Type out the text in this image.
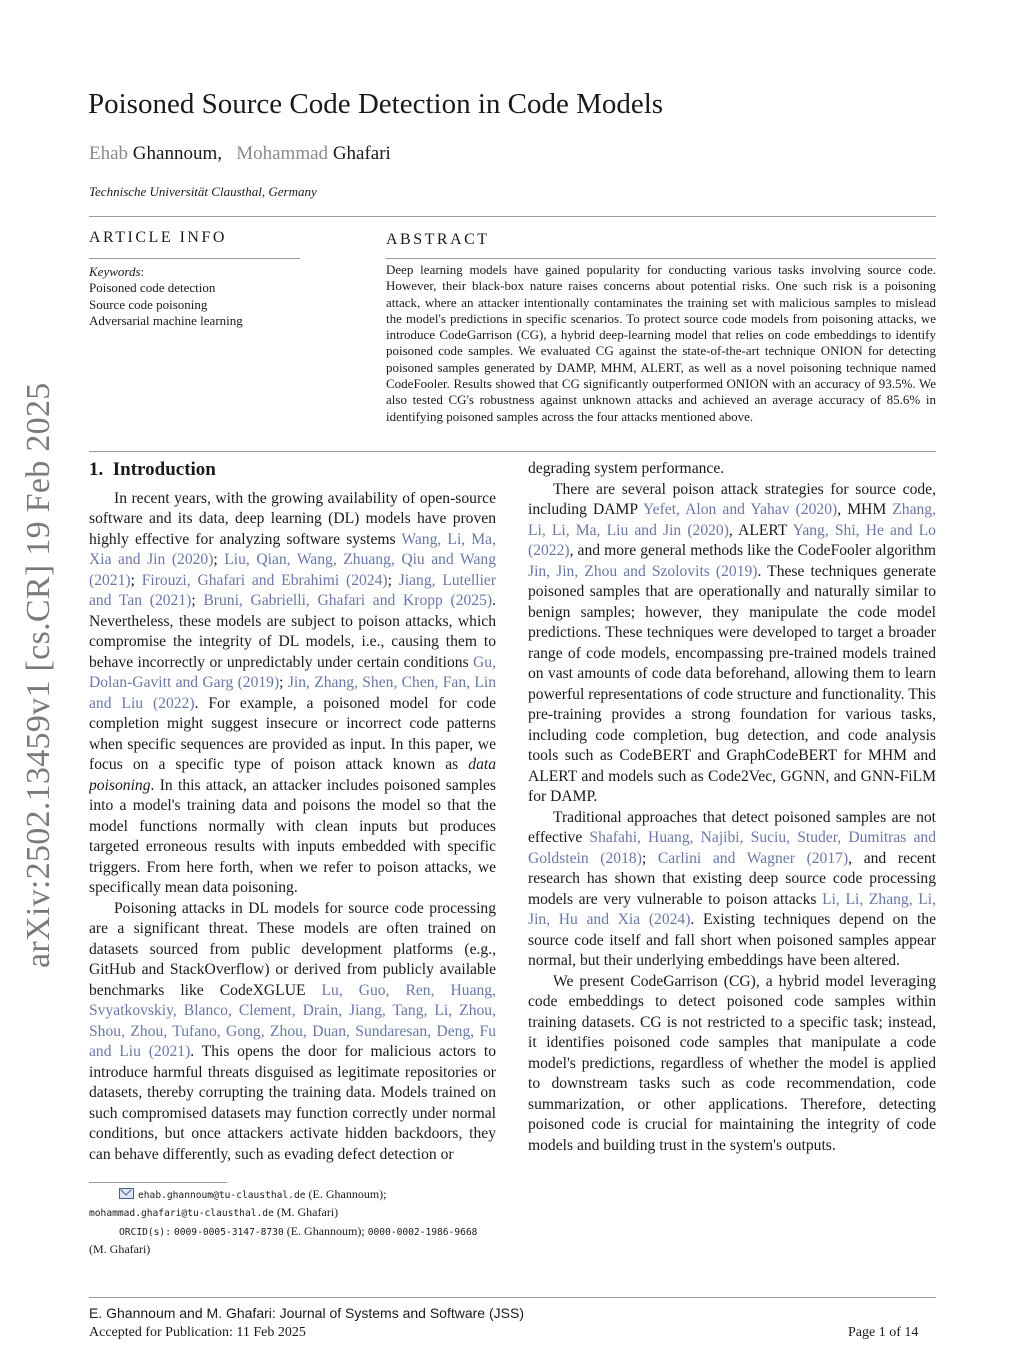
arXiv:2502.13459v1 [cs.CR] 19 Feb 2025
Poisoned Source Code Detection in Code Models
Ehab Ghannoum,   Mohammad Ghafari
Technische Universität Clausthal, Germany
ARTICLE INFO
Keywords:
Poisoned code detection
Source code poisoning
Adversarial machine learning
ABSTRACT
Deep learning models have gained popularity for conducting various tasks involving source code. However, their black-box nature raises concerns about potential risks. One such risk is a poisoning attack, where an attacker intentionally contaminates the training set with malicious samples to mislead the model's predictions in specific scenarios. To protect source code models from poisoning attacks, we introduce CodeGarrison (CG), a hybrid deep-learning model that relies on code embeddings to identify poisoned code samples. We evaluated CG against the state-of-the-art technique ONION for detecting poisoned samples generated by DAMP, MHM, ALERT, as well as a novel poisoning technique named CodeFooler. Results showed that CG significantly outperformed ONION with an accuracy of 93.5%. We also tested CG's robustness against unknown attacks and achieved an average accuracy of 85.6% in identifying poisoned samples across the four attacks mentioned above.
1. Introduction

In recent years, with the growing availability of open-source software and its data, deep learning (DL) models have proven highly effective for analyzing software systems Wang, Li, Ma, Xia and Jin (2020); Liu, Qian, Wang, Zhuang, Qiu and Wang (2021); Firouzi, Ghafari and Ebrahimi (2024); Jiang, Lutellier and Tan (2021); Bruni, Gabrielli, Ghafari and Kropp (2025). Nevertheless, these models are subject to poison attacks, which compromise the integrity of DL models, i.e., causing them to behave incorrectly or unpredictably under certain conditions Gu, Dolan-Gavitt and Garg (2019); Jin, Zhang, Shen, Chen, Fan, Lin and Liu (2022). For example, a poisoned model for code completion might suggest insecure or incorrect code patterns when specific sequences are provided as input. In this paper, we focus on a specific type of poison attack known as data poisoning. In this attack, an attacker includes poisoned samples into a model's training data and poisons the model so that the model functions normally with clean inputs but produces targeted erroneous results with inputs embedded with specific triggers. From here forth, when we refer to poison attacks, we specifically mean data poisoning.

Poisoning attacks in DL models for source code processing are a significant threat. These models are often trained on datasets sourced from public development platforms (e.g., GitHub and StackOverflow) or derived from publicly available benchmarks like CodeXGLUE Lu, Guo, Ren, Huang, Svyatkovskiy, Blanco, Clement, Drain, Jiang, Tang, Li, Zhou, Shou, Zhou, Tufano, Gong, Zhou, Duan, Sundaresan, Deng, Fu and Liu (2021). This opens the door for malicious actors to introduce harmful threats disguised as legitimate repositories or datasets, thereby corrupting the training data. Models trained on such compromised datasets may function correctly under normal conditions, but once attackers activate hidden backdoors, they can behave differently, such as evading defect detection or

degrading system performance.

There are several poison attack strategies for source code, including DAMP Yefet, Alon and Yahav (2020), MHM Zhang, Li, Li, Ma, Liu and Jin (2020), ALERT Yang, Shi, He and Lo (2022), and more general methods like the CodeFooler algorithm Jin, Jin, Zhou and Szolovits (2019). These techniques generate poisoned samples that are operationally and naturally similar to benign samples; however, they manipulate the code model predictions. These techniques were developed to target a broader range of code models, encompassing pre-trained models trained on vast amounts of code data beforehand, allowing them to learn powerful representations of code structure and functionality. This pre-training provides a strong foundation for various tasks, including code completion, bug detection, and code analysis tools such as CodeBERT and GraphCodeBERT for MHM and ALERT and models such as Code2Vec, GGNN, and GNN-FiLM for DAMP.

Traditional approaches that detect poisoned samples are not effective Shafahi, Huang, Najibi, Suciu, Studer, Dumitras and Goldstein (2018); Carlini and Wagner (2017), and recent research has shown that existing deep source code processing models are very vulnerable to poison attacks Li, Li, Zhang, Li, Jin, Hu and Xia (2024). Existing techniques depend on the source code itself and fall short when poisoned samples appear normal, but their underlying embeddings have been altered.

We present CodeGarrison (CG), a hybrid model leveraging code embeddings to detect poisoned code samples within training datasets. CG is not restricted to a specific task; instead, it identifies poisoned code samples that manipulate a code model's predictions, regardless of whether the model is applied to downstream tasks such as code recommendation, code summarization, or other applications. Therefore, detecting poisoned code is crucial for maintaining the integrity of code models and building trust in the system's outputs.

ehab.ghannoum@tu-clausthal.de (E. Ghannoum);
mohammad.ghafari@tu-clausthal.de (M. Ghafari)
ORCID(s): 0009-0005-3147-8730 (E. Ghannoum); 0000-0002-1986-9668
(M. Ghafari)
E. Ghannoum and M. Ghafari: Journal of Systems and Software (JSS)
Accepted for Publication: 11 Feb 2025	Page 1 of 14
